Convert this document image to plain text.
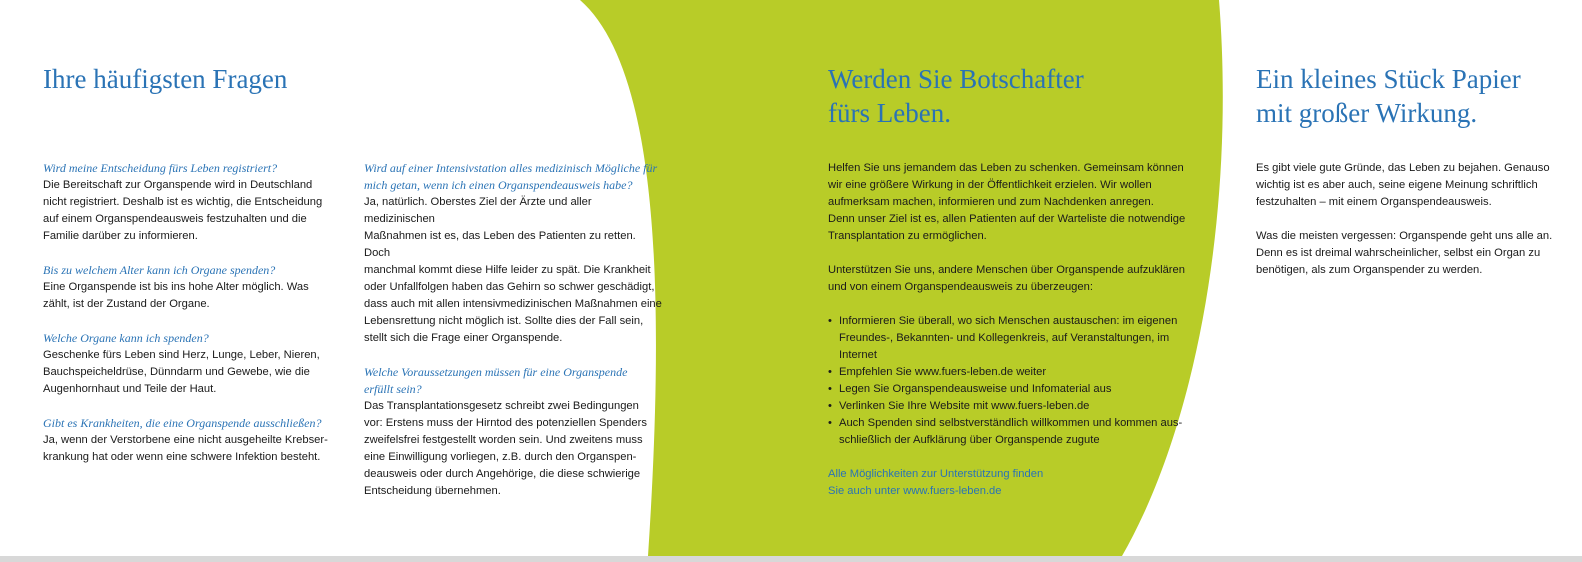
Ihre häufigsten Fragen
Wird meine Entscheidung fürs Leben registriert?
Die Bereitschaft zur Organspende wird in Deutschland
nicht registriert. Deshalb ist es wichtig, die Entscheidung
auf einem Organspendeausweis festzuhalten und die
Familie darüber zu informieren.
Bis zu welchem Alter kann ich Organe spenden?
Eine Organspende ist bis ins hohe Alter möglich. Was
zählt, ist der Zustand der Organe.
Welche Organe kann ich spenden?
Geschenke fürs Leben sind Herz, Lunge, Leber, Nieren,
Bauchspeicheldrüse, Dünndarm und Gewebe, wie die
Augenhornhaut und Teile der Haut.
Gibt es Krankheiten, die eine Organspende ausschließen?
Ja, wenn der Verstorbene eine nicht ausgeheilte Krebser-
krankung hat oder wenn eine schwere Infektion besteht.
Wird auf einer Intensivstation alles medizinisch Mögliche für
mich getan, wenn ich einen Organspendeausweis habe?
Ja, natürlich. Oberstes Ziel der Ärzte und aller medizinischen
Maßnahmen ist es, das Leben des Patienten zu retten. Doch
manchmal kommt diese Hilfe leider zu spät. Die Krankheit
oder Unfallfolgen haben das Gehirn so schwer geschädigt,
dass auch mit allen intensivmedizinischen Maßnahmen eine
Lebensrettung nicht möglich ist. Sollte dies der Fall sein,
stellt sich die Frage einer Organspende.
Welche Voraussetzungen müssen für eine Organspende
erfüllt sein?
Das Transplantationsgesetz schreibt zwei Bedingungen
vor: Erstens muss der Hirntod des potenziellen Spenders
zweifelsfrei festgestellt worden sein. Und zweitens muss
eine Einwilligung vorliegen, z.B. durch den Organspen-
deausweis oder durch Angehörige, die diese schwierige
Entscheidung übernehmen.
Werden Sie Botschafter
fürs Leben.
Helfen Sie uns jemandem das Leben zu schenken. Gemeinsam können
wir eine größere Wirkung in der Öffentlichkeit erzielen. Wir wollen
aufmerksam machen, informieren und zum Nachdenken anregen.
Denn unser Ziel ist es, allen Patienten auf der Warteliste die notwendige
Transplantation zu ermöglichen.
Unterstützen Sie uns, andere Menschen über Organspende aufzuklären
und von einem Organspendeausweis zu überzeugen:
• Informieren Sie überall, wo sich Menschen austauschen: im eigenen
Freundes-, Bekannten- und Kollegenkreis, auf Veranstaltungen, im Internet
• Empfehlen Sie www.fuers-leben.de weiter
• Legen Sie Organspendeausweise und Infomaterial aus
• Verlinken Sie Ihre Website mit www.fuers-leben.de
• Auch Spenden sind selbstverständlich willkommen und kommen aus-
schließlich der Aufklärung über Organspende zugute
Alle Möglichkeiten zur Unterstützung finden
Sie auch unter www.fuers-leben.de
Ein kleines Stück Papier
mit großer Wirkung.
Es gibt viele gute Gründe, das Leben zu bejahen. Genauso
wichtig ist es aber auch, seine eigene Meinung schriftlich
festzuhalten – mit einem Organspendeausweis.
Was die meisten vergessen: Organspende geht uns alle an.
Denn es ist dreimal wahrscheinlicher, selbst ein Organ zu
benötigen, als zum Organspender zu werden.
